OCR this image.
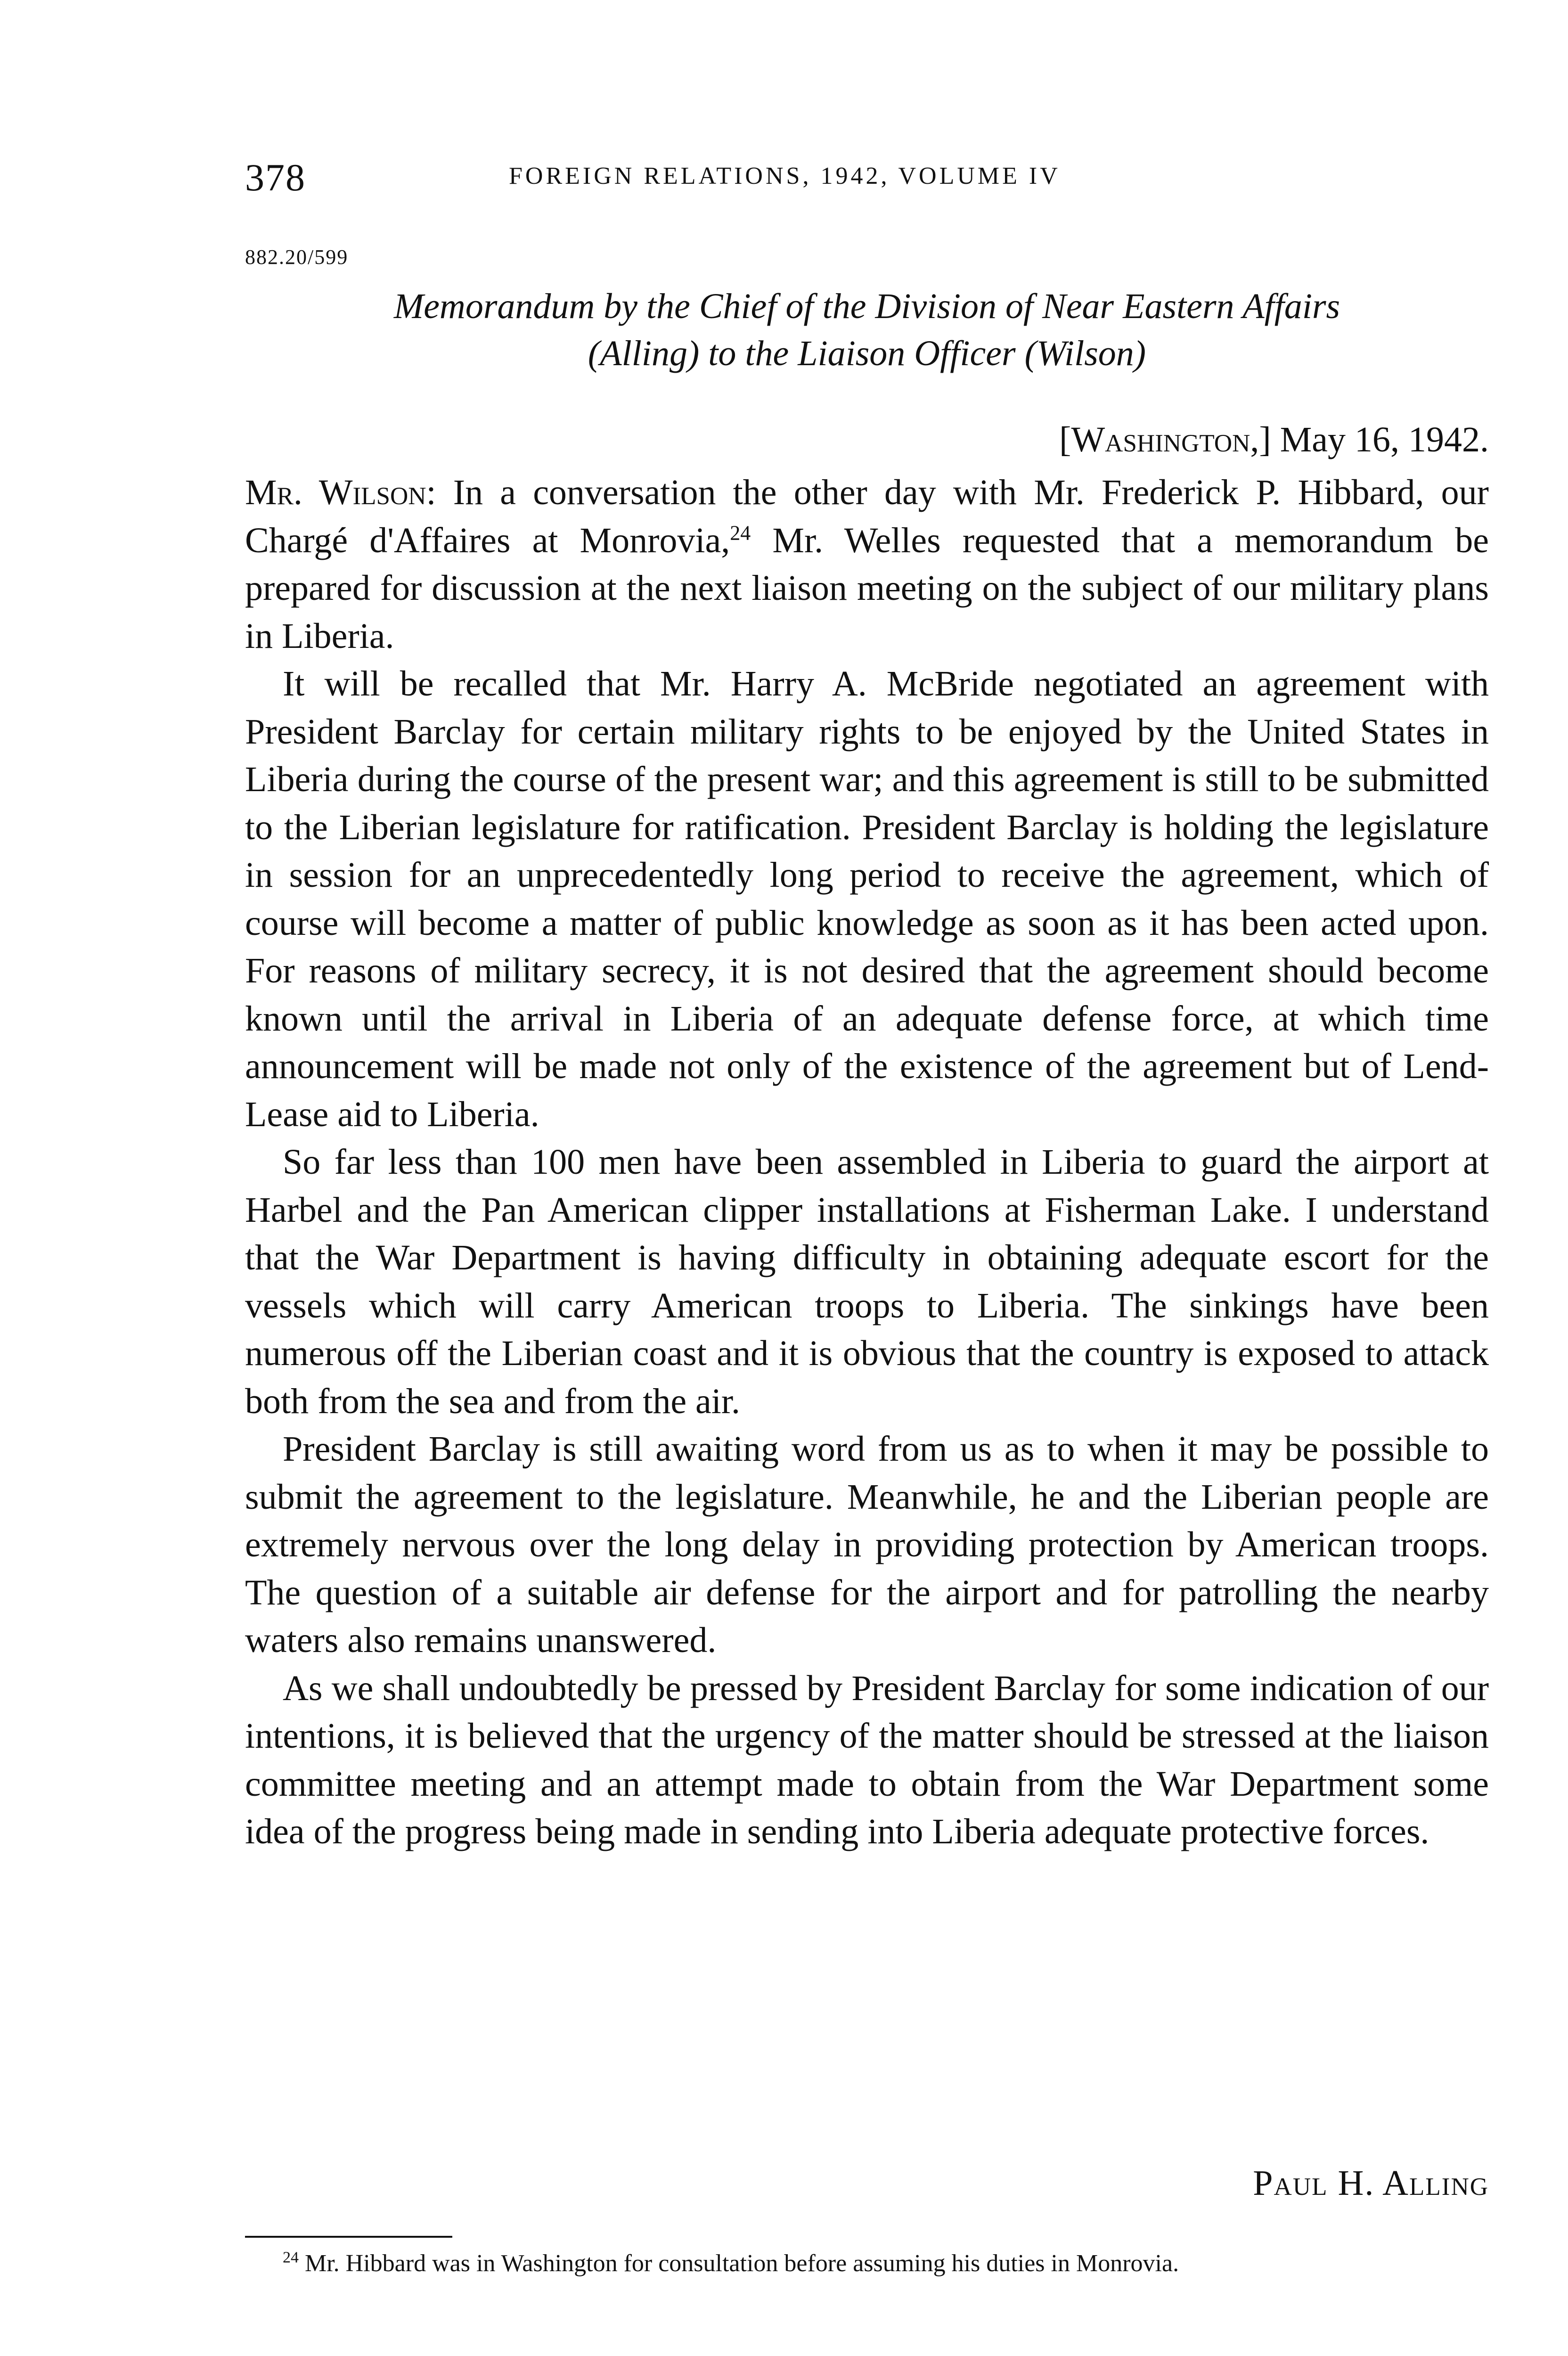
378	FOREIGN RELATIONS, 1942, VOLUME IV
882.20/599
Memorandum by the Chief of the Division of Near Eastern Affairs
(Alling) to the Liaison Officer (Wilson)
[Washington,] May 16, 1942.

Mr. Wilson: In a conversation the other day with Mr. Frederick P. Hibbard, our Chargé d'Affaires at Monrovia,$^{24}$ Mr. Welles requested that a memorandum be prepared for discussion at the next liaison meeting on the subject of our military plans in Liberia.

It will be recalled that Mr. Harry A. McBride negotiated an agreement with President Barclay for certain military rights to be enjoyed by the United States in Liberia during the course of the present war; and this agreement is still to be submitted to the Liberian legislature for ratification. President Barclay is holding the legislature in session for an unprecedentedly long period to receive the agreement, which of course will become a matter of public knowledge as soon as it has been acted upon. For reasons of military secrecy, it is not desired that the agreement should become known until the arrival in Liberia of an adequate defense force, at which time announcement will be made not only of the existence of the agreement but of Lend-Lease aid to Liberia.

So far less than 100 men have been assembled in Liberia to guard the airport at Harbel and the Pan American clipper installations at Fisherman Lake. I understand that the War Department is having difficulty in obtaining adequate escort for the vessels which will carry American troops to Liberia. The sinkings have been numerous off the Liberian coast and it is obvious that the country is exposed to attack both from the sea and from the air.

President Barclay is still awaiting word from us as to when it may be possible to submit the agreement to the legislature. Meanwhile, he and the Liberian people are extremely nervous over the long delay in providing protection by American troops. The question of a suitable air defense for the airport and for patrolling the nearby waters also remains unanswered.

As we shall undoubtedly be pressed by President Barclay for some indication of our intentions, it is believed that the urgency of the matter should be stressed at the liaison committee meeting and an attempt made to obtain from the War Department some idea of the progress being made in sending into Liberia adequate protective forces.

Paul H. Alling
$^{24}$ Mr. Hibbard was in Washington for consultation before assuming his duties in Monrovia.
